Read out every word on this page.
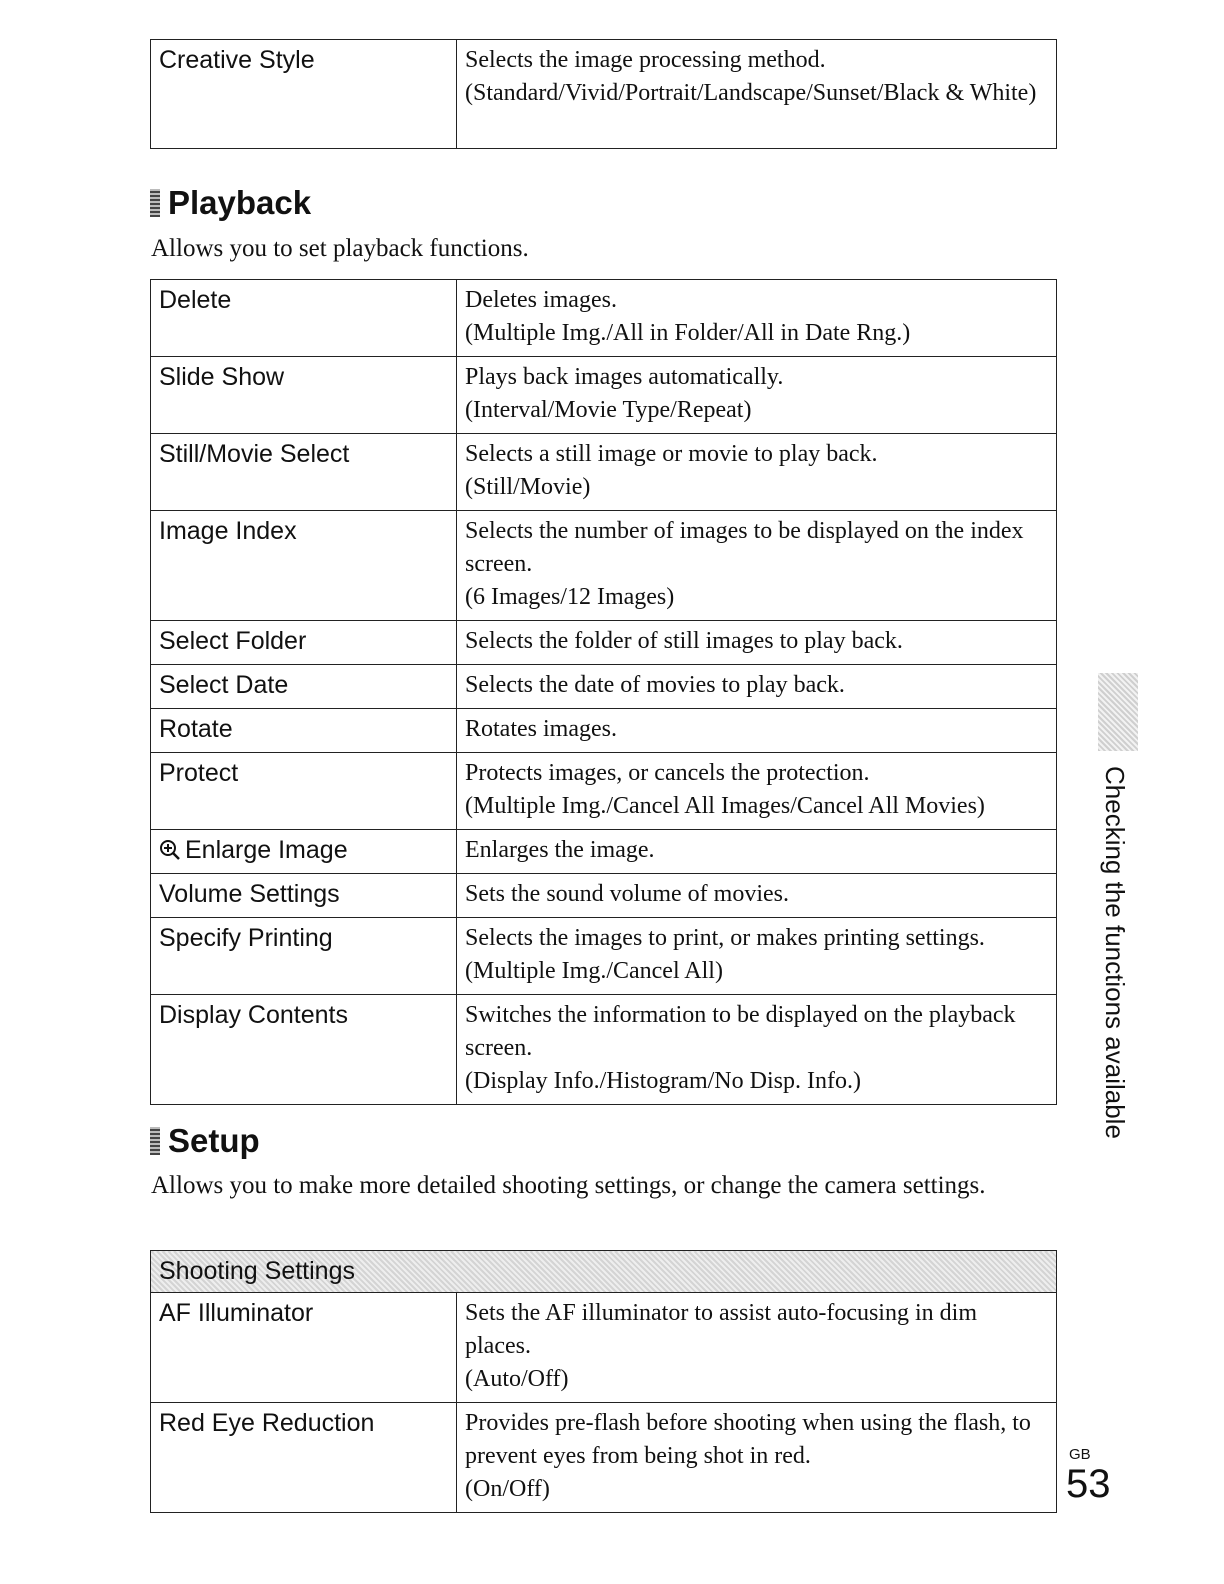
Creative Style	Selects the image processing method.
(Standard/Vivid/Portrait/Landscape/Sunset/Black & White)
Playback
Allows you to set playback functions.
Delete	Deletes images.
(Multiple Img./All in Folder/All in Date Rng.)

Slide Show	Plays back images automatically.
(Interval/Movie Type/Repeat)

Still/Movie Select	Selects a still image or movie to play back.
(Still/Movie)

Image Index	Selects the number of images to be displayed on the index screen.
(6 Images/12 Images)

Select Folder	Selects the folder of still images to play back.

Select Date	Selects the date of movies to play back.

Rotate	Rotates images.

Protect	Protects images, or cancels the protection.
(Multiple Img./Cancel All Images/Cancel All Movies)

Enlarge Image	Enlarges the image.

Volume Settings	Sets the sound volume of movies.

Specify Printing	Selects the images to print, or makes printing settings.
(Multiple Img./Cancel All)

Display Contents	Switches the information to be displayed on the playback screen.
(Display Info./Histogram/No Disp. Info.)
Setup
Allows you to make more detailed shooting settings, or change the camera settings.
Shooting Settings	
AF Illuminator	Sets the AF illuminator to assist auto-focusing in dim places.
(Auto/Off)

Red Eye Reduction	Provides pre-flash before shooting when using the flash, to prevent eyes from being shot in red.
(On/Off)
Checking the functions available
GB
53
